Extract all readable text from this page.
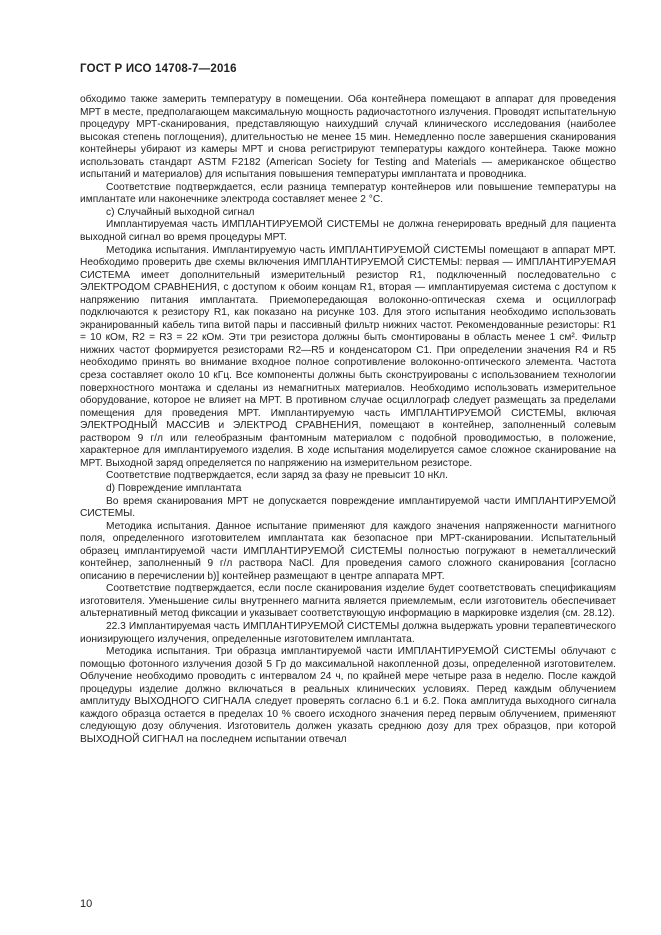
ГОСТ Р ИСО 14708-7—2016

обходимо также замерить температуру в помещении. Оба контейнера помещают в аппарат для проведения МРТ в месте, предполагающем максимальную мощность радиочастотного излучения. Проводят испытательную процедуру МРТ-сканирования, представляющую наихудший случай клинического исследования (наиболее высокая степень поглощения), длительностью не менее 15 мин. Немедленно после завершения сканирования контейнеры убирают из камеры МРТ и снова регистрируют температуры каждого контейнера. Также можно использовать стандарт ASTM F2182 (American Society for Testing and Materials — американское общество испытаний и материалов) для испытания повышения температуры имплантата и проводника.

Соответствие подтверждается, если разница температур контейнеров или повышение температуры на имплантате или наконечнике электрода составляет менее 2 °С.

с) Случайный выходной сигнал

Имплантируемая часть ИМПЛАНТИРУЕМОЙ СИСТЕМЫ не должна генерировать вредный для пациента выходной сигнал во время процедуры МРТ.

Методика испытания. Имплантируемую часть ИМПЛАНТИРУЕМОЙ СИСТЕМЫ помещают в аппарат МРТ. Необходимо проверить две схемы включения ИМПЛАНТИРУЕМОЙ СИСТЕМЫ: первая — ИМПЛАНТИРУЕМАЯ СИСТЕМА имеет дополнительный измерительный резистор R1, подключенный последовательно с ЭЛЕКТРОДОМ СРАВНЕНИЯ, с доступом к обоим концам R1, вторая — имплантируемая система с доступом к напряжению питания имплантата. Приемопередающая волоконно-оптическая схема и осциллограф подключаются к резистору R1, как показано на рисунке 103. Для этого испытания необходимо использовать экранированный кабель типа витой пары и пассивный фильтр нижних частот. Рекомендованные резисторы: R1 = 10 кОм, R2 = R3 = 22 кОм. Эти три резистора должны быть смонтированы в область менее 1 см². Фильтр нижних частот формируется резисторами R2—R5 и конденсатором C1. При определении значения R4 и R5 необходимо принять во внимание входное полное сопротивление волоконно-оптического элемента. Частота среза составляет около 10 кГц. Все компоненты должны быть сконструированы с использованием технологии поверхностного монтажа и сделаны из немагнитных материалов. Необходимо использовать измерительное оборудование, которое не влияет на МРТ. В противном случае осциллограф следует размещать за пределами помещения для проведения МРТ. Имплантируемую часть ИМПЛАНТИРУЕМОЙ СИСТЕМЫ, включая ЭЛЕКТРОДНЫЙ МАССИВ и ЭЛЕКТРОД СРАВНЕНИЯ, помещают в контейнер, заполненный солевым раствором 9 г/л или гелеобразным фантомным материалом с подобной проводимостью, в положение, характерное для имплантируемого изделия. В ходе испытания моделируется самое сложное сканирование на МРТ. Выходной заряд определяется по напряжению на измерительном резисторе.

Соответствие подтверждается, если заряд за фазу не превысит 10 нКл.

d) Повреждение имплантата

Во время сканирования МРТ не допускается повреждение имплантируемой части ИМПЛАНТИРУЕМОЙ СИСТЕМЫ.

Методика испытания. Данное испытание применяют для каждого значения напряженности магнитного поля, определенного изготовителем имплантата как безопасное при МРТ-сканировании. Испытательный образец имплантируемой части ИМПЛАНТИРУЕМОЙ СИСТЕМЫ полностью погружают в неметаллический контейнер, заполненный 9 г/л раствора NaCl. Для проведения самого сложного сканирования [согласно описанию в перечислении b)] контейнер размещают в центре аппарата МРТ.

Соответствие подтверждается, если после сканирования изделие будет соответствовать спецификациям изготовителя. Уменьшение силы внутреннего магнита является приемлемым, если изготовитель обеспечивает альтернативный метод фиксации и указывает соответствующую информацию в маркировке изделия (см. 28.12).

22.3 Имплантируемая часть ИМПЛАНТИРУЕМОЙ СИСТЕМЫ должна выдержать уровни терапевтического ионизирующего излучения, определенные изготовителем имплантата.

Методика испытания. Три образца имплантируемой части ИМПЛАНТИРУЕМОЙ СИСТЕМЫ облучают с помощью фотонного излучения дозой 5 Гр до максимальной накопленной дозы, определенной изготовителем. Облучение необходимо проводить с интервалом 24 ч, по крайней мере четыре раза в неделю. После каждой процедуры изделие должно включаться в реальных клинических условиях. Перед каждым облучением амплитуду ВЫХОДНОГО СИГНАЛА следует проверять согласно 6.1 и 6.2. Пока амплитуда выходного сигнала каждого образца остается в пределах 10 % своего исходного значения перед первым облучением, применяют следующую дозу облучения. Изготовитель должен указать среднюю дозу для трех образцов, при которой ВЫХОДНОЙ СИГНАЛ на последнем испытании отвечал

10
